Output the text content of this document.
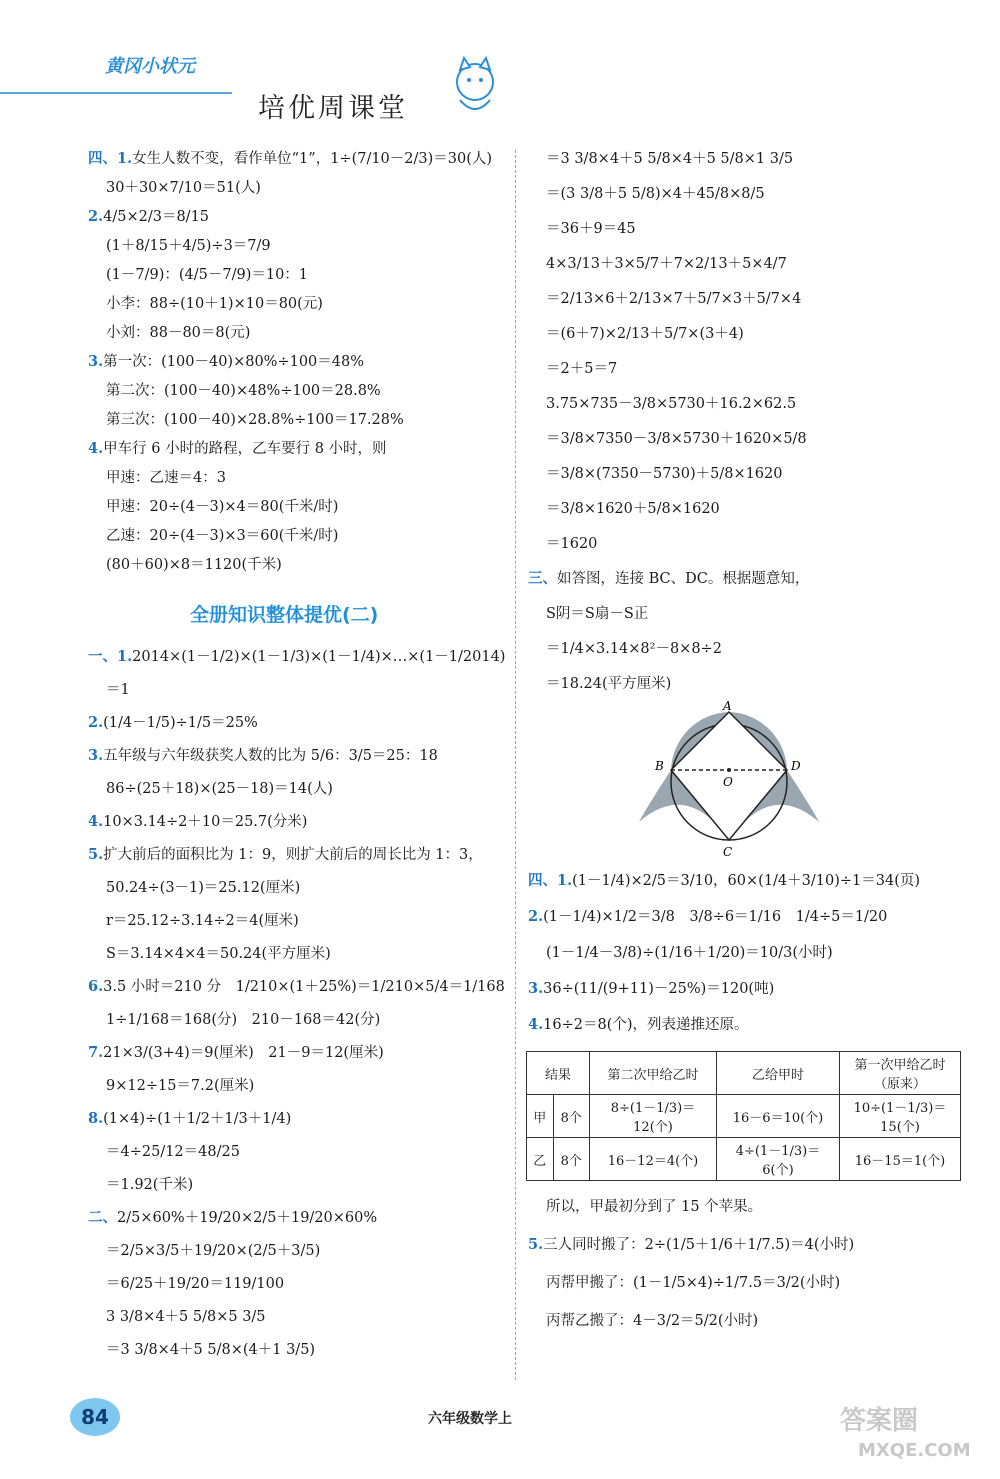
黄冈小状元
培优周课堂
四、1.女生人数不变，看作单位“1”，1÷(7/10－2/3)＝30(人)
30＋30×7/10＝51(人)
2.4/5×2/3＝8/15
(1＋8/15＋4/5)÷3＝7/9
(1－7/9)：(4/5－7/9)＝10：1
小李：88÷(10＋1)×10＝80(元)
小刘：88－80＝8(元)
3.第一次：(100－40)×80%÷100＝48%
第二次：(100－40)×48%÷100＝28.8%
第三次：(100－40)×28.8%÷100＝17.28%
4.甲车行 6 小时的路程，乙车要行 8 小时，则
甲速：乙速＝4：3
甲速：20÷(4－3)×4＝80(千米/时)
乙速：20÷(4－3)×3＝60(千米/时)
(80＋60)×8＝1120(千米)
全册知识整体提优(二)
一、1.2014×(1－1/2)×(1－1/3)×(1－1/4)×…×(1－1/2014)
＝1
2.(1/4－1/5)÷1/5＝25%
3.五年级与六年级获奖人数的比为 5/6：3/5＝25：18
86÷(25＋18)×(25－18)＝14(人)
4.10×3.14÷2＋10＝25.7(分米)
5.扩大前后的面积比为 1：9，则扩大前后的周长比为 1：3，
50.24÷(3－1)＝25.12(厘米)
r＝25.12÷3.14÷2＝4(厘米)
S＝3.14×4×4＝50.24(平方厘米)
6.3.5 小时＝210 分　1/210×(1＋25%)＝1/210×5/4＝1/168
1÷1/168＝168(分)　210－168＝42(分)
7.21×3/(3+4)＝9(厘米)　21－9＝12(厘米)
9×12÷15＝7.2(厘米)
8.(1×4)÷(1＋1/2＋1/3＋1/4)
＝4÷25/12＝48/25
＝1.92(千米)
二、2/5×60%＋19/20×2/5＋19/20×60%
＝2/5×3/5＋19/20×(2/5＋3/5)
＝6/25＋19/20＝119/100
3 3/8×4＋5 5/8×5 3/5
＝3 3/8×4＋5 5/8×(4＋1 3/5)
＝3 3/8×4＋5 5/8×4＋5 5/8×1 3/5
＝(3 3/8＋5 5/8)×4＋45/8×8/5
＝36＋9＝45
4×3/13＋3×5/7＋7×2/13＋5×4/7
＝2/13×6＋2/13×7＋5/7×3＋5/7×4
＝(6＋7)×2/13＋5/7×(3＋4)
＝2＋5＝7
3.75×735－3/8×5730＋16.2×62.5
＝3/8×7350－3/8×5730＋1620×5/8
＝3/8×(7350－5730)＋5/8×1620
＝3/8×1620＋5/8×1620
＝1620
三、如答图，连接 BC、DC。根据题意知，
S阴＝S扇－S正
＝1/4×3.14×8²－8×8÷2
＝18.24(平方厘米)
A
B	D
O
C
四、1.(1－1/4)×2/5＝3/10，60×(1/4＋3/10)÷1＝34(页)
2.(1－1/4)×1/2＝3/8　3/8÷6＝1/16　1/4÷5＝1/20
(1－1/4－3/8)÷(1/16＋1/20)＝10/3(小时)
3.36÷(11/(9+11)－25%)＝120(吨)
4.16÷2＝8(个)，列表递推还原。
结果		第二次甲给乙时	乙给甲时	第一次甲给乙时（原来）
甲	8个	8÷(1－1/3)＝12(个)	16－6＝10(个)	10÷(1－1/3)＝15(个)
乙	8个	16－12＝4(个)	4÷(1－1/3)＝6(个)	16－15＝1(个)
所以，甲最初分到了 15 个苹果。
5.三人同时搬了：2÷(1/5＋1/6＋1/7.5)＝4(小时)
丙帮甲搬了：(1－1/5×4)÷1/7.5＝3/2(小时)
丙帮乙搬了：4－3/2＝5/2(小时)
84	六年级数学上	答案圈
MXQE.COM
